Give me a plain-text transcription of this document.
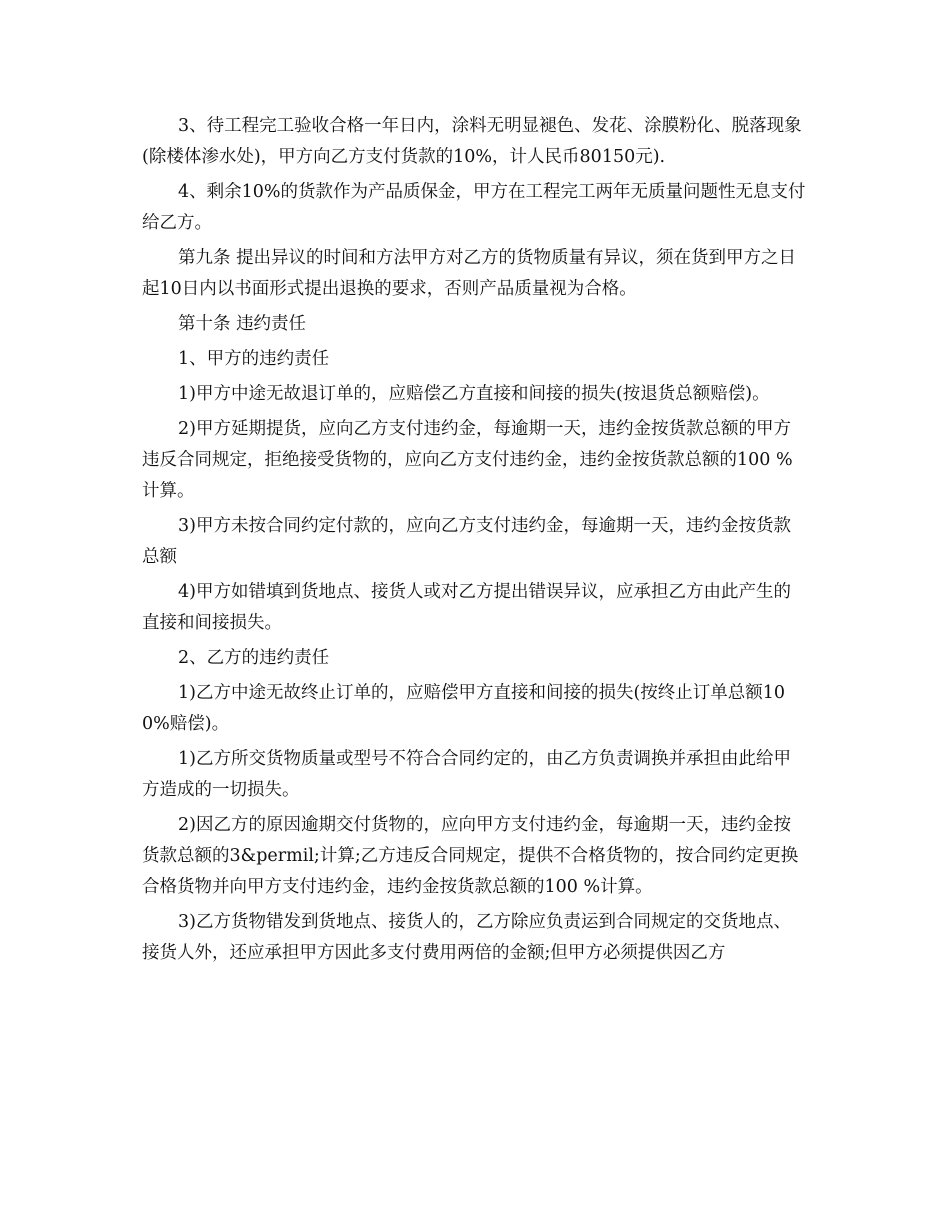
3、待工程完工验收合格一年日内，涂料无明显褪色、发花、涂膜粉化、脱落现象(除楼体渗水处)，甲方向乙方支付货款的10%，计人民币80150元).

4、剩余10%的货款作为产品质保金，甲方在工程完工两年无质量问题性无息支付给乙方。

第九条 提出异议的时间和方法甲方对乙方的货物质量有异议，须在货到甲方之日起10日内以书面形式提出退换的要求，否则产品质量视为合格。

第十条 违约责任

1、甲方的违约责任

1)甲方中途无故退订单的，应赔偿乙方直接和间接的损失(按退货总额赔偿)。

2)甲方延期提货，应向乙方支付违约金，每逾期一天，违约金按货款总额的甲方违反合同规定，拒绝接受货物的，应向乙方支付违约金，违约金按货款总额的100 %计算。

3)甲方未按合同约定付款的，应向乙方支付违约金，每逾期一天，违约金按货款总额

4)甲方如错填到货地点、接货人或对乙方提出错误异议，应承担乙方由此产生的直接和间接损失。

2、乙方的违约责任

1)乙方中途无故终止订单的，应赔偿甲方直接和间接的损失(按终止订单总额100%赔偿)。

1)乙方所交货物质量或型号不符合合同约定的，由乙方负责调换并承担由此给甲方造成的一切损失。

2)因乙方的原因逾期交付货物的，应向甲方支付违约金，每逾期一天，违约金按货款总额的3&permil;计算;乙方违反合同规定，提供不合格货物的，按合同约定更换合格货物并向甲方支付违约金，违约金按货款总额的100 %计算。

3)乙方货物错发到货地点、接货人的，乙方除应负责运到合同规定的交货地点、接货人外，还应承担甲方因此多支付费用两倍的金额;但甲方必须提供因乙方
